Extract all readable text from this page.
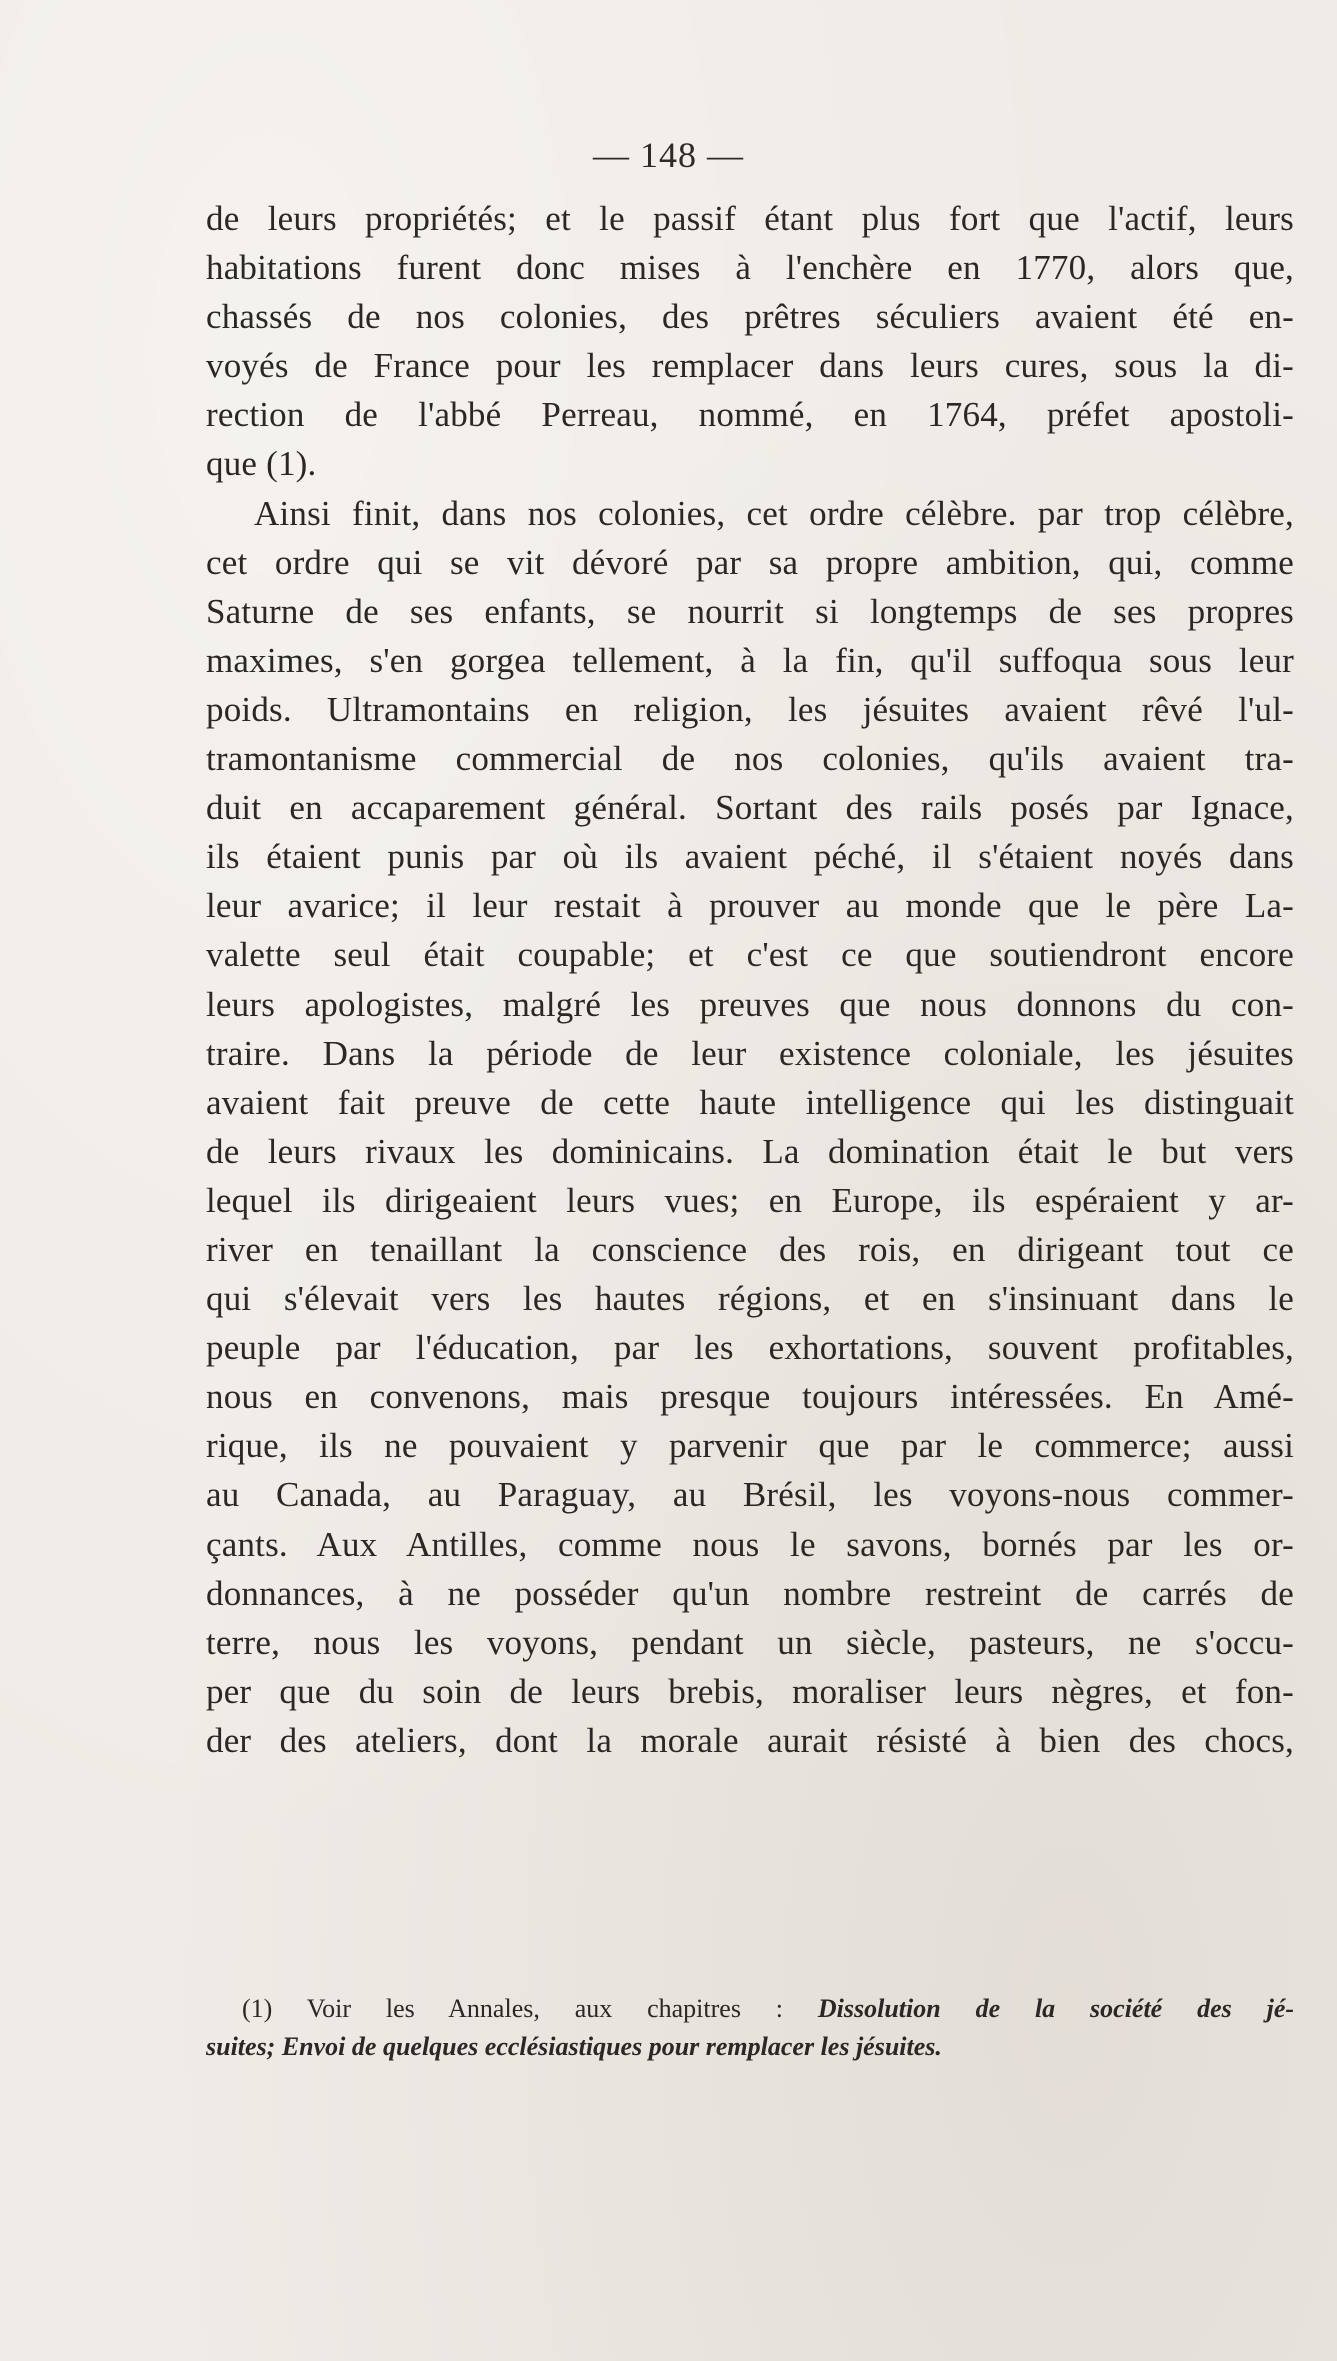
— 148 —
de leurs propriétés; et le passif étant plus fort que l'actif, leurs
habitations furent donc mises à l'enchère en 1770, alors que,
chassés de nos colonies, des prêtres séculiers avaient été en-
voyés de France pour les remplacer dans leurs cures, sous la di-
rection de l'abbé Perreau, nommé, en 1764, préfet apostoli-
que (1).
Ainsi finit, dans nos colonies, cet ordre célèbre. par trop célèbre,
cet ordre qui se vit dévoré par sa propre ambition, qui, comme
Saturne de ses enfants, se nourrit si longtemps de ses propres
maximes, s'en gorgea tellement, à la fin, qu'il suffoqua sous leur
poids. Ultramontains en religion, les jésuites avaient rêvé l'ul-
tramontanisme commercial de nos colonies, qu'ils avaient tra-
duit en accaparement général. Sortant des rails posés par Ignace,
ils étaient punis par où ils avaient péché, il s'étaient noyés dans
leur avarice; il leur restait à prouver au monde que le père La-
valette seul était coupable; et c'est ce que soutiendront encore
leurs apologistes, malgré les preuves que nous donnons du con-
traire. Dans la période de leur existence coloniale, les jésuites
avaient fait preuve de cette haute intelligence qui les distinguait
de leurs rivaux les dominicains. La domination était le but vers
lequel ils dirigeaient leurs vues; en Europe, ils espéraient y ar-
river en tenaillant la conscience des rois, en dirigeant tout ce
qui s'élevait vers les hautes régions, et en s'insinuant dans le
peuple par l'éducation, par les exhortations, souvent profitables,
nous en convenons, mais presque toujours intéressées. En Amé-
rique, ils ne pouvaient y parvenir que par le commerce; aussi
au Canada, au Paraguay, au Brésil, les voyons-nous commer-
çants. Aux Antilles, comme nous le savons, bornés par les or-
donnances, à ne posséder qu'un nombre restreint de carrés de
terre, nous les voyons, pendant un siècle, pasteurs, ne s'occu-
per que du soin de leurs brebis, moraliser leurs nègres, et fon-
der des ateliers, dont la morale aurait résisté à bien des chocs,
(1) Voir les Annales, aux chapitres : Dissolution de la société des jé-
suites; Envoi de quelques ecclésiastiques pour remplacer les jésuites.
